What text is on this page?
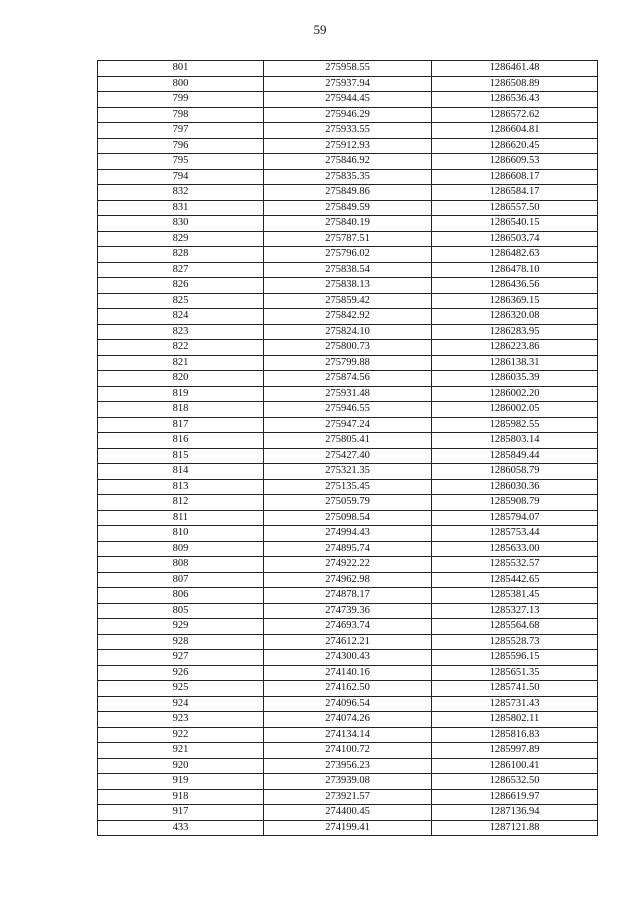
59
801	275958.55	1286461.48
800	275937.94	1286508.89
799	275944.45	1286536.43
798	275946.29	1286572.62
797	275933.55	1286604.81
796	275912.93	1286620.45
795	275846.92	1286609.53
794	275835.35	1286608.17
832	275849.86	1286584.17
831	275849.59	1286557.50
830	275840.19	1286540.15
829	275787.51	1286503.74
828	275796.02	1286482.63
827	275838.54	1286478.10
826	275838.13	1286436.56
825	275859.42	1286369.15
824	275842.92	1286320.08
823	275824.10	1286283.95
822	275800.73	1286223.86
821	275799.88	1286138.31
820	275874.56	1286035.39
819	275931.48	1286002.20
818	275946.55	1286002.05
817	275947.24	1285982.55
816	275805.41	1285803.14
815	275427.40	1285849.44
814	275321.35	1286058.79
813	275135.45	1286030.36
812	275059.79	1285908.79
811	275098.54	1285794.07
810	274994.43	1285753.44
809	274895.74	1285633.00
808	274922.22	1285532.57
807	274962.98	1285442.65
806	274878.17	1285381.45
805	274739.36	1285327.13
929	274693.74	1285564.68
928	274612.21	1285528.73
927	274300.43	1285596.15
926	274140.16	1285651.35
925	274162.50	1285741.50
924	274096.54	1285731.43
923	274074.26	1285802.11
922	274134.14	1285816.83
921	274100.72	1285997.89
920	273956.23	1286100.41
919	273939.08	1286532.50
918	273921.57	1286619.97
917	274400.45	1287136.94
433	274199.41	1287121.88
